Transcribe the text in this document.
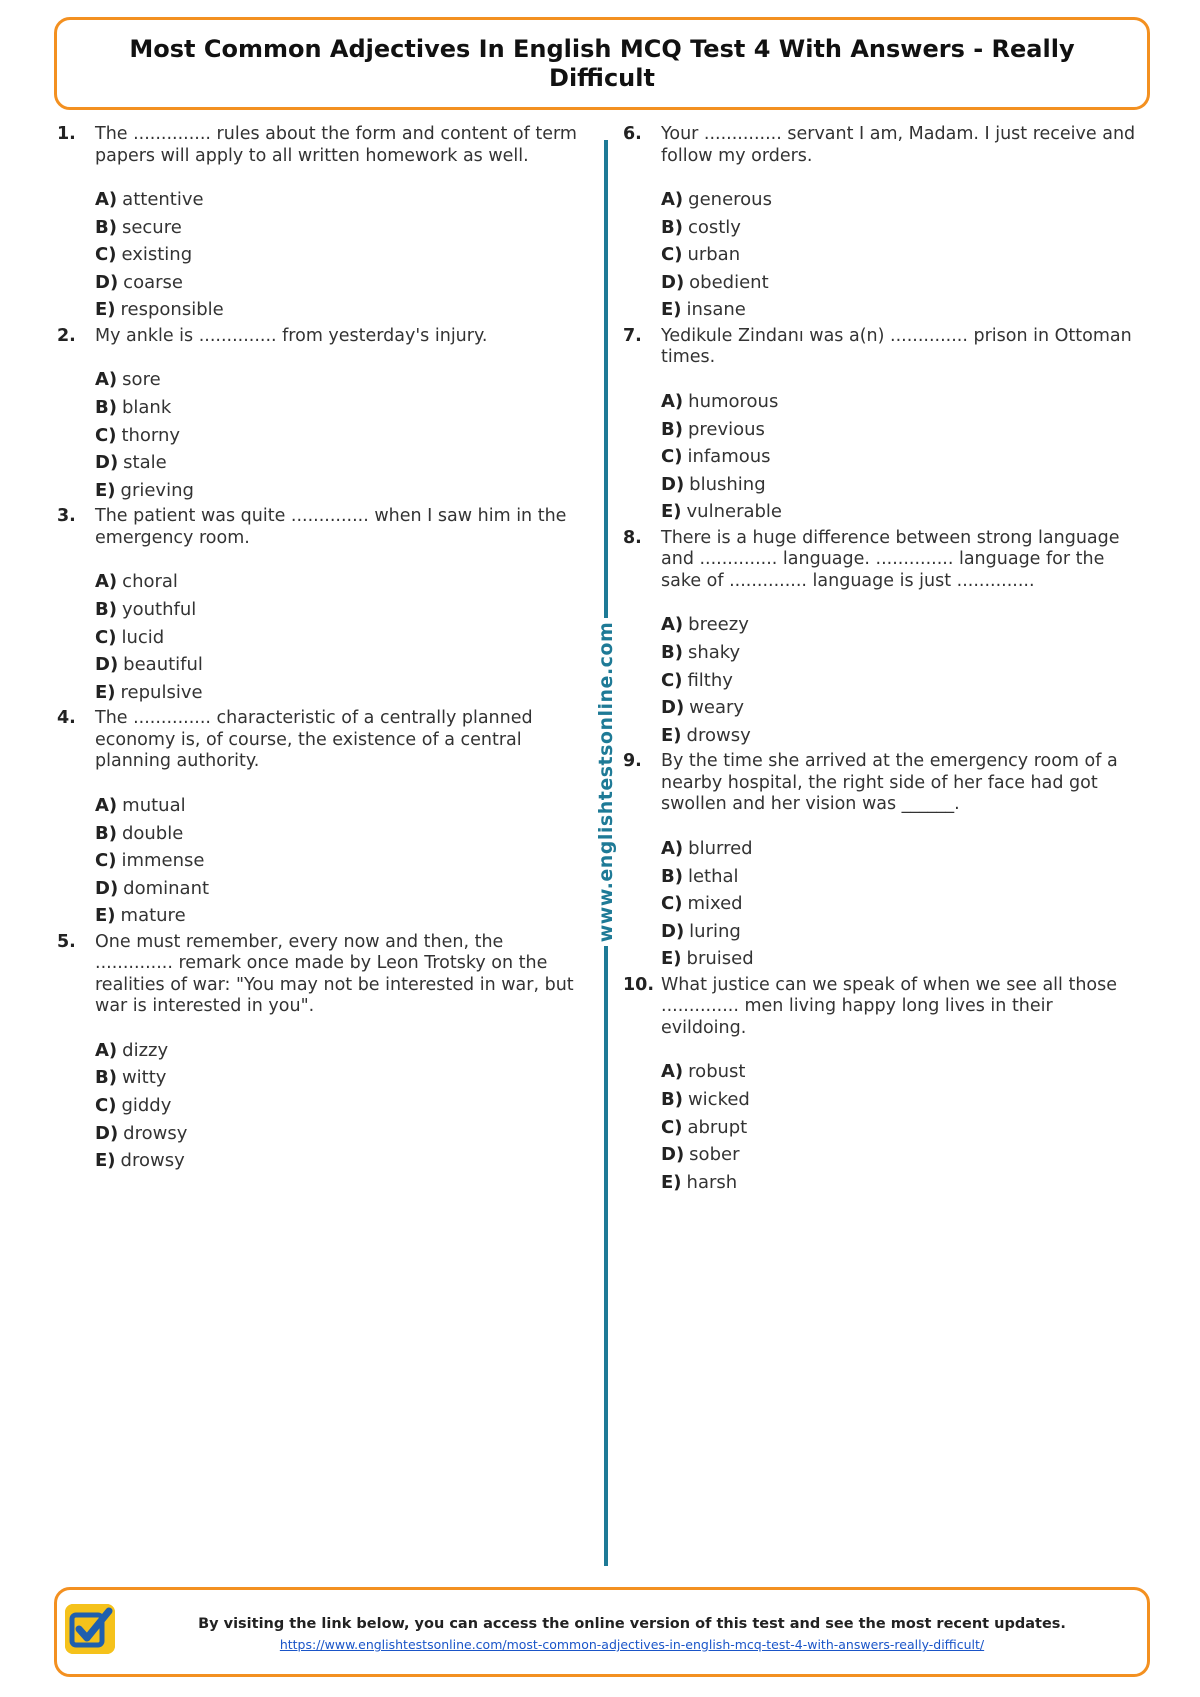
Most Common Adjectives In English MCQ Test 4 With Answers - Really Difficult
1.	The .............. rules about the form and content of term papers will apply to all written homework as well.
A) attentive
B) secure
C) existing
D) coarse
E) responsible
2.	My ankle is .............. from yesterday's injury.
A) sore
B) blank
C) thorny
D) stale
E) grieving
3.	The patient was quite .............. when I saw him in the emergency room.
A) choral
B) youthful
C) lucid
D) beautiful
E) repulsive
4.	The .............. characteristic of a centrally planned economy is, of course, the existence of a central planning authority.
A) mutual
B) double
C) immense
D) dominant
E) mature
5.	One must remember, every now and then, the .............. remark once made by Leon Trotsky on the realities of war: "You may not be interested in war, but war is interested in you".
A) dizzy
B) witty
C) giddy
D) drowsy
E) drowsy
www.englishtestsonline.com
6.	Your .............. servant I am, Madam. I just receive and follow my orders.
A) generous
B) costly
C) urban
D) obedient
E) insane
7.	Yedikule Zindanı was a(n) .............. prison in Ottoman times.
A) humorous
B) previous
C) infamous
D) blushing
E) vulnerable
8.	There is a huge difference between strong language and .............. language. .............. language for the sake of .............. language is just ..............
A) breezy
B) shaky
C) filthy
D) weary
E) drowsy
9.	By the time she arrived at the emergency room of a nearby hospital, the right side of her face had got swollen and her vision was ______.
A) blurred
B) lethal
C) mixed
D) luring
E) bruised
10. What justice can we speak of when we see all those .............. men living happy long lives in their evildoing.
A) robust
B) wicked
C) abrupt
D) sober
E) harsh
By visiting the link below, you can access the online version of this test and see the most recent updates.
https://www.englishtestsonline.com/most-common-adjectives-in-english-mcq-test-4-with-answers-really-difficult/
